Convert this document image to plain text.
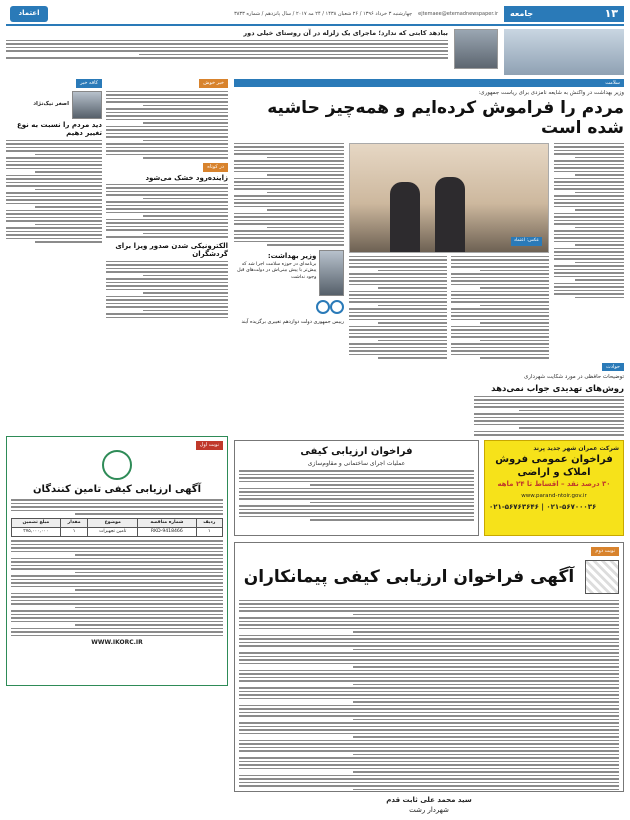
۱۳
جامعه
ejtemaee@etemadnewspaper.ir
چهارشنبه ۳ خرداد ۱۳۹۶ / ۲۶ شعبان ۱۴۳۸ / ۲۴ مه ۲۰۱۷ / سال پانزدهم / شماره ۳۸۳۳
اعتماد
ببادهد کابتی که ندارد؛ ماجرای یک زلزله در آن روستای خیلی دور
سلامت
وزیر بهداشت در واکنش به شایعه نامزدی برای ریاست جمهوری:
مردم را فراموش کرده‌ایم و همه‌چیز حاشیه شده است
عکس: اعتماد
وزیر بهداشت:
برنامه‌ای در حوزه سلامت اجرا شد که پیش‌تر با پیش بینی‌اش در دولت‌های قبل وجود نداشت
رییس جمهوری دولت دوازدهم تغییری برگزیده آیند
حوادث
توضیحات حافظی در مورد شکایت شهرداری
روش‌های تهدیدی جواب نمی‌دهد
شرکت عمران شهر جدید پرند
فراخوان عمومی فروش املاک و اراضی
۳۰ درصد نقد – اقساط تا ۲۴ ماهه
www.parand-ntoir.gov.ir
۰۲۱-۵۶۷۶۳۶۴۶ | ۰۲۱-۵۶۷۰۰۰۳۶
فراخوان ارزیابی کیفی
عملیات اجرای ساختمانی و مقاوم‌سازی
نوبت دوم
آگهی فراخوان ارزیابی کیفی پیمانکاران
سید محمد علی ثابت قدم
شهردار رشت
خبر خوش
در کوتاه
زاینده‌رود خشک می‌شود
الکترونیکی شدن صدور ویزا برای گردشگران
کافه خبر
اصغر نیک‌نژاد
دید مردم را نسبت به نوع تغییر دهیم
نوبت اول
آگهی ارزیابی کیفی تامین کنندگان
ردیف	شماره مناقصه	موضوع	مقدار	مبلغ تضمین
۱	RKD-9418466	تامین تجهیزات	۱	۲۷۵,۰۰۰,۰۰۰
WWW.IKORC.IR
